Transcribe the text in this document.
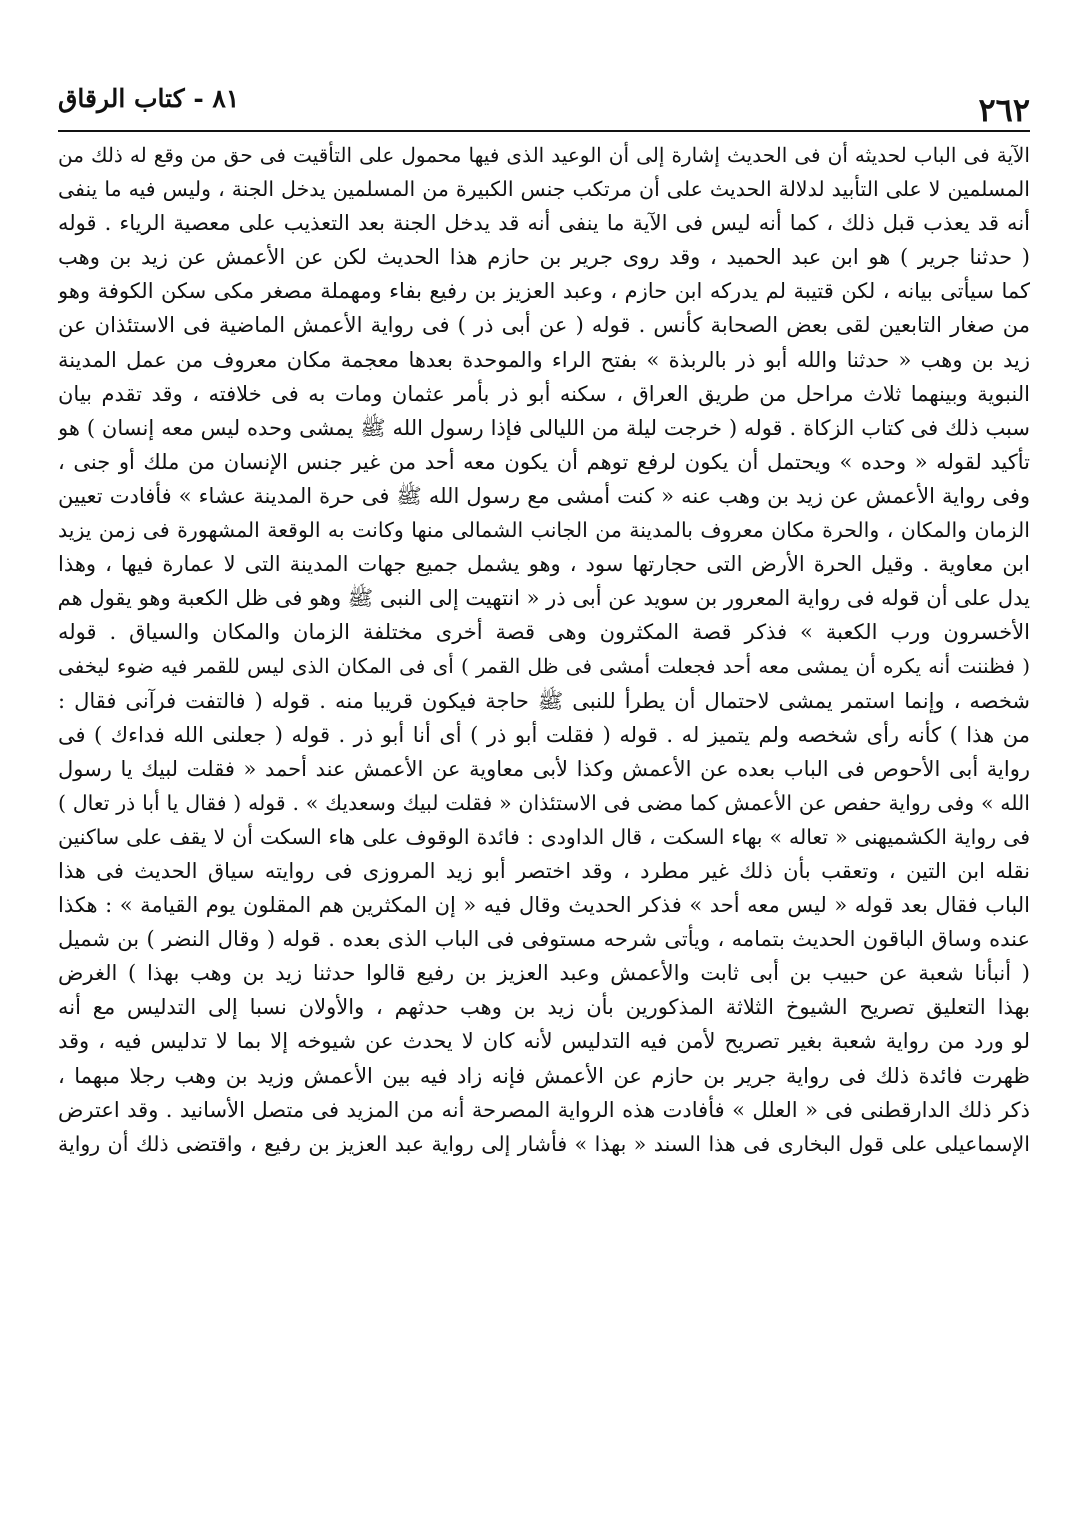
٢٦٢
٨١ - كتاب الرقاق
الآية فى الباب لحديثه أن فى الحديث إشارة إلى أن الوعيد الذى فيها محمول على التأقيت فى حق من وقع له ذلك من
المسلمين لا على التأبيد لدلالة الحديث على أن مرتكب جنس الكبيرة من المسلمين يدخل الجنة ، وليس فيه ما ينفى
أنه قد يعذب قبل ذلك ، كما أنه ليس فى الآية ما ينفى أنه قد يدخل الجنة بعد التعذيب على معصية الرياء . قوله
( حدثنا جرير ) هو ابن عبد الحميد ، وقد روى جرير بن حازم هذا الحديث لكن عن الأعمش عن زيد بن وهب
كما سيأتى بيانه ، لكن قتيبة لم يدركه ابن حازم ، وعبد العزيز بن رفيع بفاء ومهملة مصغر مكى سكن الكوفة وهو
من صغار التابعين لقى بعض الصحابة كأنس . قوله ( عن أبى ذر ) فى رواية الأعمش الماضية فى الاستئذان عن
زيد بن وهب « حدثنا والله أبو ذر بالربذة » بفتح الراء والموحدة بعدها معجمة مكان معروف من عمل المدينة
النبوية وبينهما ثلاث مراحل من طريق العراق ، سكنه أبو ذر بأمر عثمان ومات به فى خلافته ، وقد تقدم بيان
سبب ذلك فى كتاب الزكاة . قوله ( خرجت ليلة من الليالى فإذا رسول الله ﷺ يمشى وحده ليس معه إنسان ) هو
تأكيد لقوله « وحده » ويحتمل أن يكون لرفع توهم أن يكون معه أحد من غير جنس الإنسان من ملك أو جنى ،
وفى رواية الأعمش عن زيد بن وهب عنه « كنت أمشى مع رسول الله ﷺ فى حرة المدينة عشاء » فأفادت تعيين
الزمان والمكان ، والحرة مكان معروف بالمدينة من الجانب الشمالى منها وكانت به الوقعة المشهورة فى زمن يزيد
ابن معاوية . وقيل الحرة الأرض التى حجارتها سود ، وهو يشمل جميع جهات المدينة التى لا عمارة فيها ، وهذا
يدل على أن قوله فى رواية المعرور بن سويد عن أبى ذر « انتهيت إلى النبى ﷺ وهو فى ظل الكعبة وهو يقول هم
الأخسرون ورب الكعبة » فذكر قصة المكثرون وهى قصة أخرى مختلفة الزمان والمكان والسياق . قوله
( فظننت أنه يكره أن يمشى معه أحد فجعلت أمشى فى ظل القمر ) أى فى المكان الذى ليس للقمر فيه ضوء ليخفى
شخصه ، وإنما استمر يمشى لاحتمال أن يطرأ للنبى ﷺ حاجة فيكون قريبا منه . قوله ( فالتفت فرآنى فقال :
من هذا ) كأنه رأى شخصه ولم يتميز له . قوله ( فقلت أبو ذر ) أى أنا أبو ذر . قوله ( جعلنى الله فداءك ) فى
رواية أبى الأحوص فى الباب بعده عن الأعمش وكذا لأبى معاوية عن الأعمش عند أحمد « فقلت لبيك يا رسول
الله » وفى رواية حفص عن الأعمش كما مضى فى الاستئذان « فقلت لبيك وسعديك » . قوله ( فقال يا أبا ذر تعال )
فى رواية الكشميهنى « تعاله » بهاء السكت ، قال الداودى : فائدة الوقوف على هاء السكت أن لا يقف على ساكنين
نقله ابن التين ، وتعقب بأن ذلك غير مطرد ، وقد اختصر أبو زيد المروزى فى روايته سياق الحديث فى هذا
الباب فقال بعد قوله « ليس معه أحد » فذكر الحديث وقال فيه « إن المكثرين هم المقلون يوم القيامة » : هكذا
عنده وساق الباقون الحديث بتمامه ، ويأتى شرحه مستوفى فى الباب الذى بعده . قوله ( وقال النضر ) بن شميل
( أنبأنا شعبة عن حبيب بن أبى ثابت والأعمش وعبد العزيز بن رفيع قالوا حدثنا زيد بن وهب بهذا ) الغرض
بهذا التعليق تصريح الشيوخ الثلاثة المذكورين بأن زيد بن وهب حدثهم ، والأولان نسبا إلى التدليس مع أنه
لو ورد من رواية شعبة بغير تصريح لأمن فيه التدليس لأنه كان لا يحدث عن شيوخه إلا بما لا تدليس فيه ، وقد
ظهرت فائدة ذلك فى رواية جرير بن حازم عن الأعمش فإنه زاد فيه بين الأعمش وزيد بن وهب رجلا مبهما ،
ذكر ذلك الدارقطنى فى « العلل » فأفادت هذه الرواية المصرحة أنه من المزيد فى متصل الأسانيد . وقد اعترض
الإسماعيلى على قول البخارى فى هذا السند « بهذا » فأشار إلى رواية عبد العزيز بن رفيع ، واقتضى ذلك أن رواية
